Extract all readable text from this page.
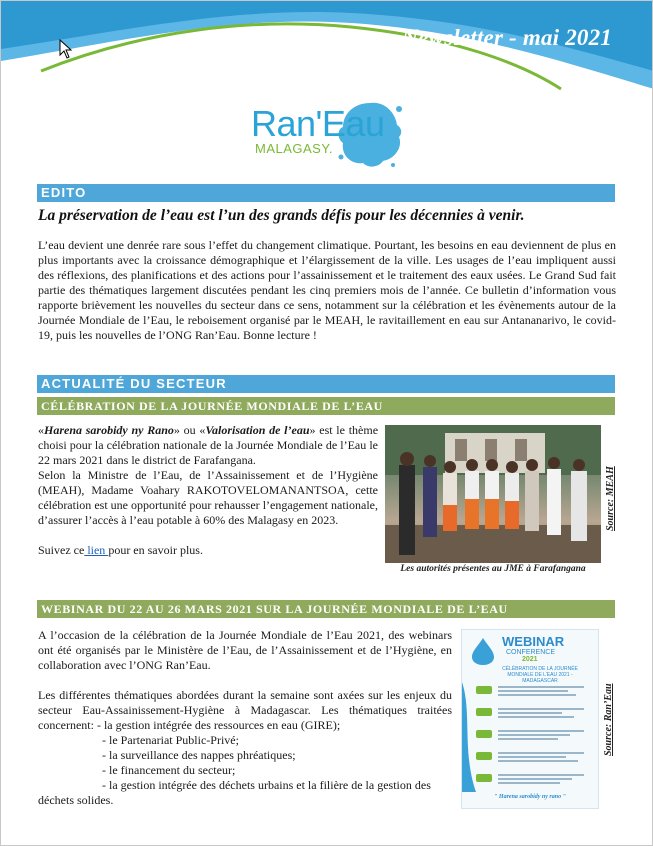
Newsletter - mai 2021
Ran'Eau
MALAGASY.
EDITO
La préservation de l’eau est l’un des grands défis pour les décennies à venir.

L’eau devient une denrée rare sous l’effet du changement climatique. Pourtant, les besoins en eau deviennent de plus en plus importants avec la croissance démographique et l’élargissement de la ville. Les usages de l’eau impliquent aussi des réflexions, des planifications et des actions pour l’assainissement et le traitement des eaux usées. Le Grand Sud fait partie des thématiques largement discutées pendant les cinq premiers mois de l’année. Ce bulletin d’information vous rapporte brièvement les nouvelles du secteur dans ce sens, notamment sur la célébration et les évènements autour de la Journée Mondiale de l’Eau, le reboisement organisé par le MEAH, le ravitaillement en eau sur Antananarivo, le covid-19, puis les nouvelles de l’ONG Ran’Eau. Bonne lecture !

ACTUALITÉ DU SECTEUR
CÉLÉBRATION DE LA JOURNÉE MONDIALE DE L’EAU

«Harena sarobidy ny Rano» ou «Valorisation de l’eau» est le thème choisi pour la célébration nationale de la Journée Mondiale de l’Eau le 22 mars 2021 dans le district de Farafangana.

Selon la Ministre de l’Eau, de l’Assainissement et de l’Hygiène (MEAH), Madame Voahary RAKOTOVELOMANANTSOA, cette célébration est une opportunité pour rehausser l’engagement nationale, d’assurer l’accès à l’eau potable à 60% des Malagasy en 2023.

Suivez ce lien pour en savoir plus.

Les autorités présentes au JME à Farafangana
Source: MEAH
WEBINAR DU 22 AU 26 MARS 2021 SUR LA JOURNÉE MONDIALE DE L’EAU

A l’occasion de la célébration de la Journée Mondiale de l’Eau 2021, des webinars ont été organisés par le Ministère de l’Eau, de l’Assainissement et de l’Hygiène, en collaboration avec l’ONG Ran’Eau.

Les différentes thématiques abordées durant la semaine sont axées sur les enjeux du secteur Eau-Assainissement-Hygiène à Madagascar. Les thématiques traitées concernent: - la gestion intégrée des ressources en eau (GIRE);

- le Partenariat Public-Privé;

- la surveillance des nappes phréatiques;

- le financement du secteur;

- la gestion intégrée des déchets urbains et la filière de la gestion des

déchets solides.

WEBINAR
CONFERENCE
2021
CÉLÉBRATION DE LA JOURNÉE MONDIALE DE L’EAU 2021 - MADAGASCAR
" Harena sarobidy ny rano "
Source: Ran’Eau
